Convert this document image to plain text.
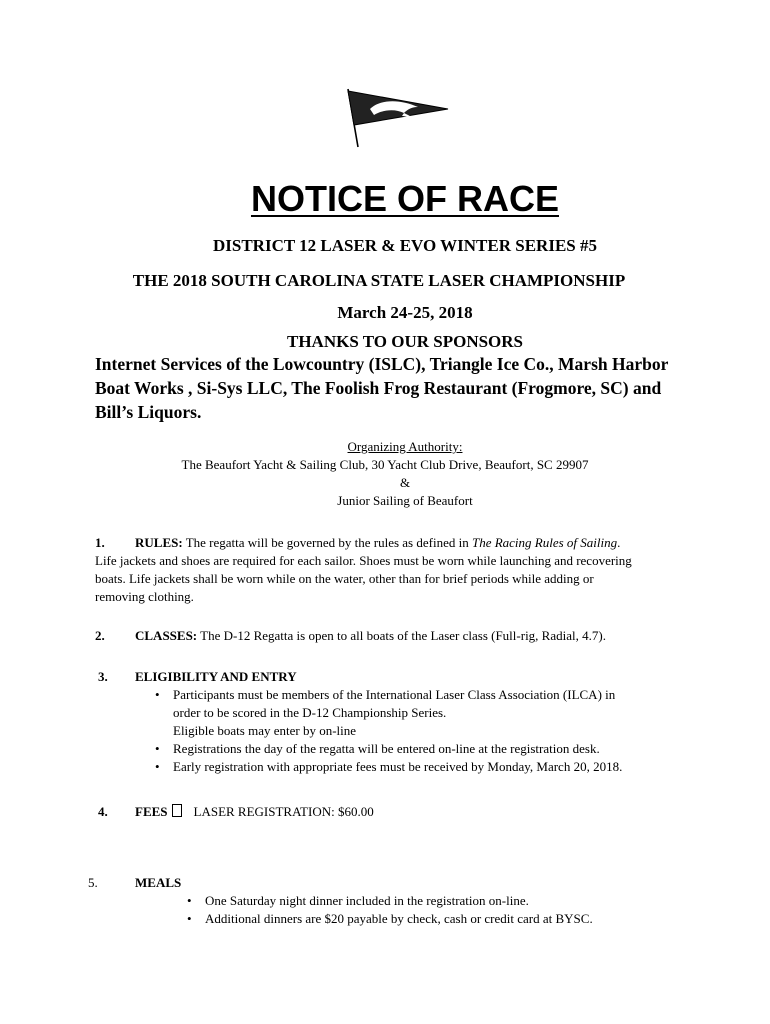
NOTICE OF RACE
DISTRICT 12 LASER & EVO WINTER SERIES #5
THE 2018 SOUTH CAROLINA STATE LASER CHAMPIONSHIP
March 24-25, 2018
THANKS TO OUR SPONSORS
Internet Services of the Lowcountry (ISLC), Triangle Ice Co., Marsh Harbor
Boat Works , Si-Sys LLC, The Foolish Frog Restaurant (Frogmore, SC) and
Bill’s Liquors.
Organizing Authority:
The Beaufort Yacht & Sailing Club, 30 Yacht Club Drive, Beaufort, SC 29907
&
Junior Sailing of Beaufort
1. RULES: The regatta will be governed by the rules as defined in The Racing Rules of Sailing.
Life jackets and shoes are required for each sailor. Shoes must be worn while launching and recovering
boats. Life jackets shall be worn while on the water, other than for brief periods while adding or
removing clothing.
2. CLASSES: The D-12 Regatta is open to all boats of the Laser class (Full-rig, Radial, 4.7).
3. ELIGIBILITY AND ENTRY
• Participants must be members of the International Laser Class Association (ILCA) in
order to be scored in the D-12 Championship Series.
Eligible boats may enter by on-line
• Registrations the day of the regatta will be entered on-line at the registration desk.
• Early registration with appropriate fees must be received by Monday, March 20, 2018.
4. FEES LASER REGISTRATION: $60.00
5.	MEALS
• One Saturday night dinner included in the registration on-line.
• Additional dinners are $20 payable by check, cash or credit card at BYSC.
